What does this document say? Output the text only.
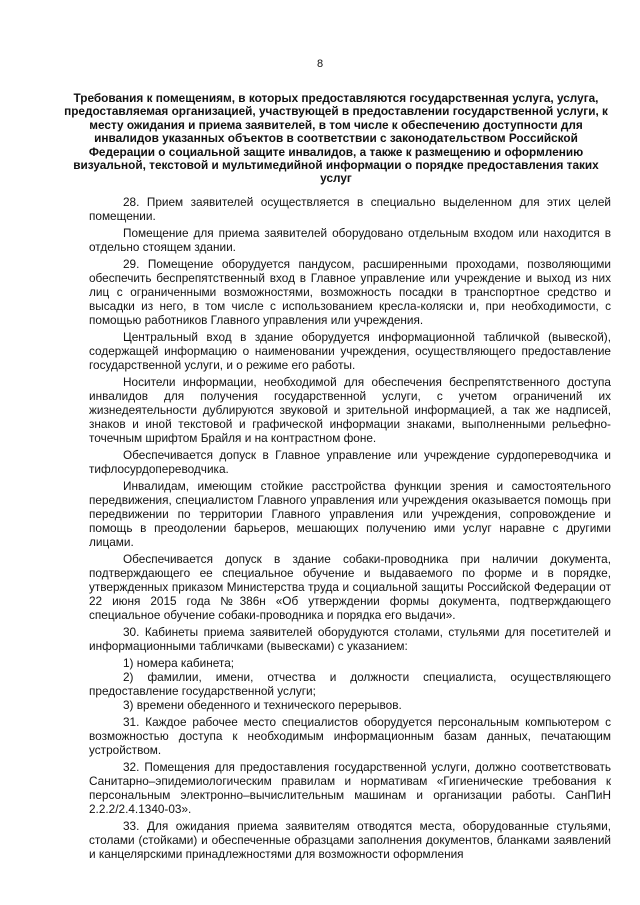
8
Требования к помещениям, в которых предоставляются государственная услуга, услуга, предоставляемая организацией, участвующей в предоставлении государственной услуги, к месту ожидания и приема заявителей, в том числе к обеспечению доступности для инвалидов указанных объектов в соответствии с законодательством Российской Федерации о социальной защите инвалидов, а также к размещению и оформлению визуальной, текстовой и мультимедийной информации о порядке предоставления таких услуг

28. Прием заявителей осуществляется в специально выделенном для этих целей помещении.

Помещение для приема заявителей оборудовано отдельным входом или находится в отдельно стоящем здании.

29. Помещение оборудуется пандусом, расширенными проходами, позволяющими обеспечить беспрепятственный вход в Главное управление или учреждение и выход из них лиц с ограниченными возможностями, возможность посадки в транспортное средство и высадки из него, в том числе с использованием кресла-коляски и, при необходимости, с помощью работников Главного управления или учреждения.

Центральный вход в здание оборудуется информационной табличкой (вывеской), содержащей информацию о наименовании учреждения, осуществляющего предоставление государственной услуги, и о режиме его работы.

Носители информации, необходимой для обеспечения беспрепятственного доступа инвалидов для получения государственной услуги, с учетом ограничений их жизнедеятельности дублируются звуковой и зрительной информацией, а так же надписей, знаков и иной текстовой и графической информации знаками, выполненными рельефно-точечным шрифтом Брайля и на контрастном фоне.

Обеспечивается допуск в Главное управление или учреждение сурдопереводчика и тифлосурдопереводчика.

Инвалидам, имеющим стойкие расстройства функции зрения и самостоятельного передвижения, специалистом Главного управления или учреждения оказывается помощь при передвижении по территории Главного управления или учреждения, сопровождение и помощь в преодолении барьеров, мешающих получению ими услуг наравне с другими лицами.

Обеспечивается допуск в здание собаки-проводника при наличии документа, подтверждающего ее специальное обучение и выдаваемого по форме и в порядке, утвержденных приказом Министерства труда и социальной защиты Российской Федерации от 22 июня 2015 года №386н «Об утверждении формы документа, подтверждающего специальное обучение собаки-проводника и порядка его выдачи».

30. Кабинеты приема заявителей оборудуются столами, стульями для посетителей и информационными табличками (вывесками) с указанием:

1) номера кабинета;

2) фамилии, имени, отчества и должности специалиста, осуществляющего предоставление государственной услуги;

3) времени обеденного и технического перерывов.

31. Каждое рабочее место специалистов оборудуется персональным компьютером с возможностью доступа к необходимым информационным базам данных, печатающим устройством.

32. Помещения для предоставления государственной услуги, должно соответствовать Санитарно–эпидемиологическим правилам и нормативам «Гигиенические требования к персональным электронно–вычислительным машинам и организации работы. СанПиН 2.2.2/2.4.1340-03».

33. Для ожидания приема заявителям отводятся места, оборудованные стульями, столами (стойками) и обеспеченные образцами заполнения документов, бланками заявлений и канцелярскими принадлежностями для возможности оформления
